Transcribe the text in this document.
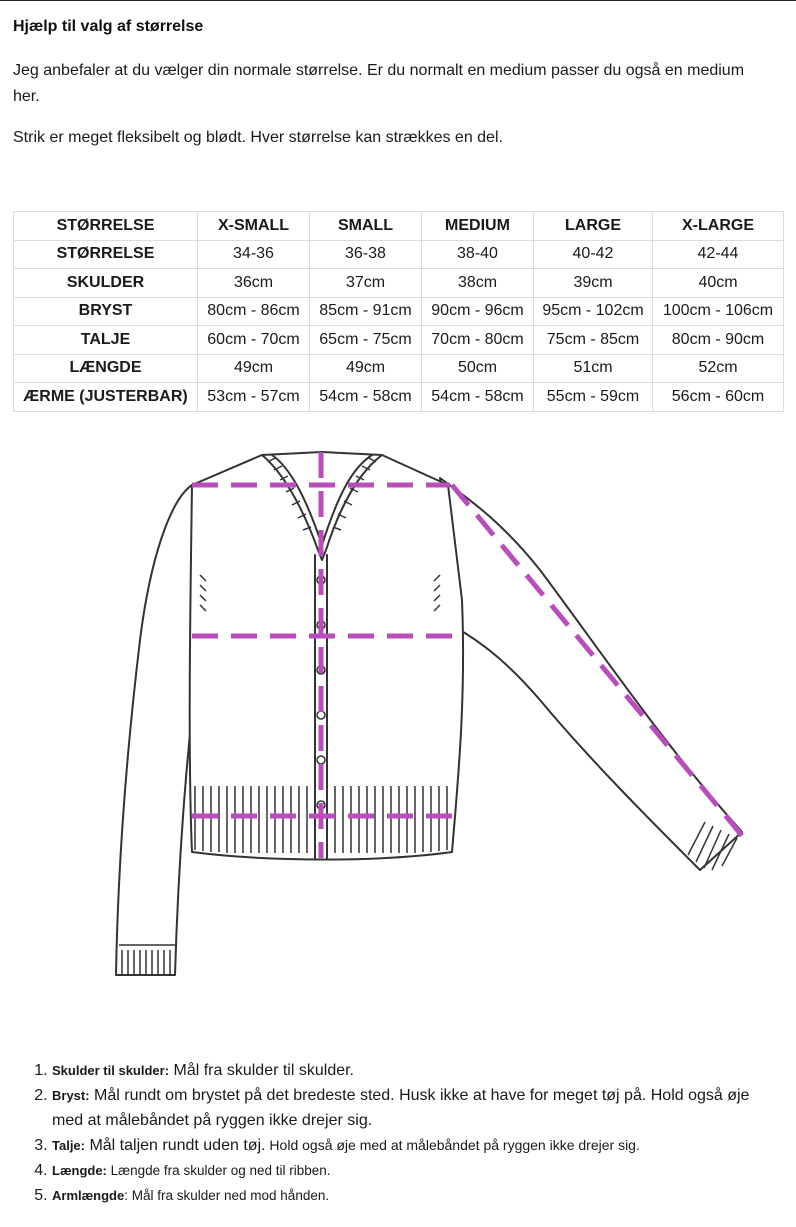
Hjælp til valg af størrelse

Jeg anbefaler at du vælger din normale størrelse. Er du normalt en medium passer du også en medium her.

Strik er meget fleksibelt og blødt. Hver størrelse kan strækkes en del.

STØRRELSE	X-SMALL	SMALL	MEDIUM	LARGE	X-LARGE
STØRRELSE	34-36	36-38	38-40	40-42	42-44
SKULDER	36cm	37cm	38cm	39cm	40cm
BRYST	80cm - 86cm	85cm - 91cm	90cm - 96cm	95cm - 102cm	100cm - 106cm
TALJE	60cm - 70cm	65cm - 75cm	70cm - 80cm	75cm - 85cm	80cm - 90cm
LÆNGDE	49cm	49cm	50cm	51cm	52cm
ÆRME (JUSTERBAR)	53cm - 57cm	54cm - 58cm	54cm - 58cm	55cm - 59cm	56cm - 60cm
1. Skulder til skulder: Mål fra skulder til skulder.
2. Bryst: Mål rundt om brystet på det bredeste sted. Husk ikke at have for meget tøj på. Hold også øje med at målebåndet på ryggen ikke drejer sig.
3. Talje: Mål taljen rundt uden tøj. Hold også øje med at målebåndet på ryggen ikke drejer sig.
4. Længde: Længde fra skulder og ned til ribben.
5. Armlængde: Mål fra skulder ned mod hånden.
